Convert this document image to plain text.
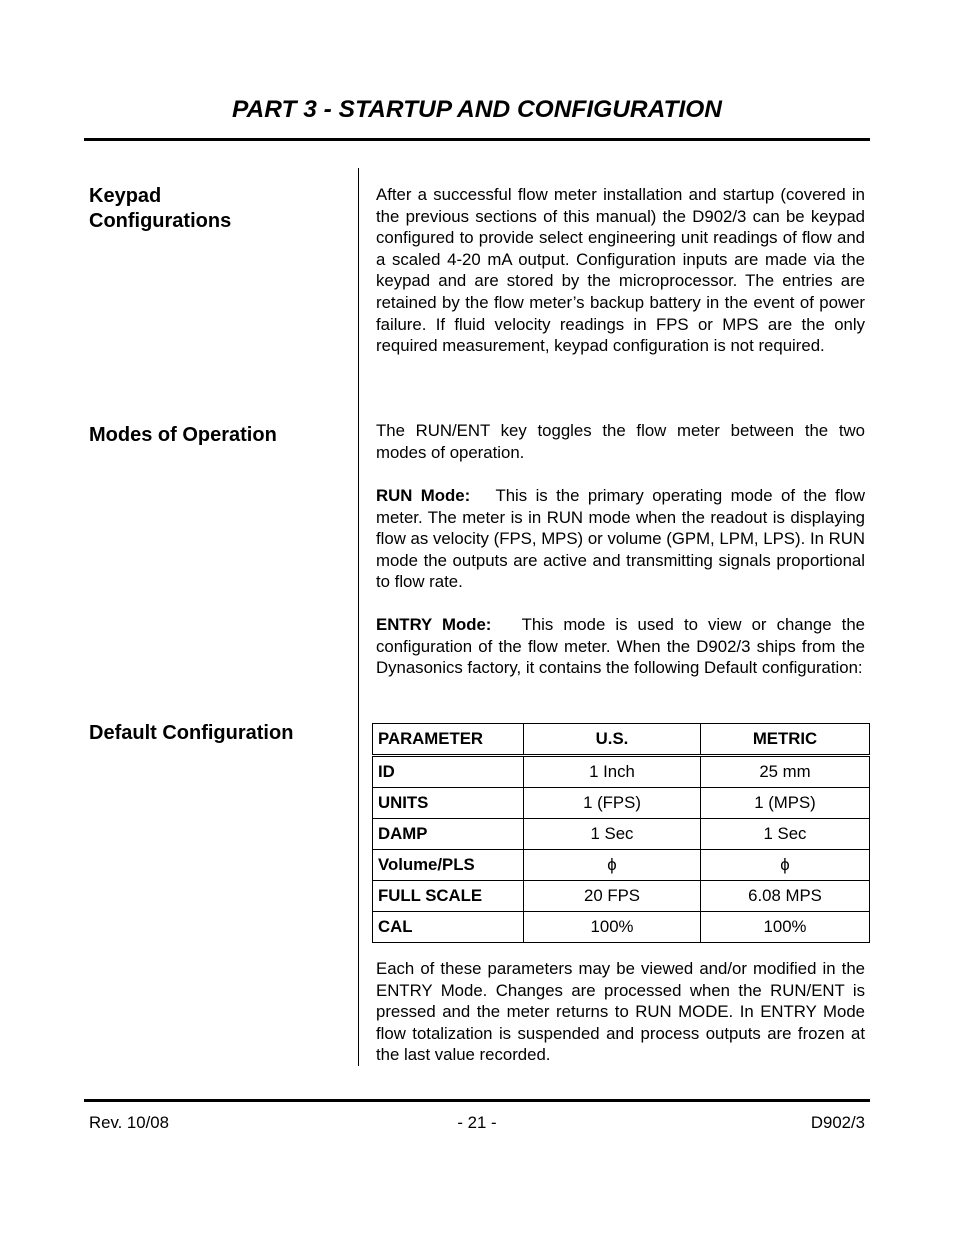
PART 3 - STARTUP AND CONFIGURATION
Keypad
Configurations
Modes of Operation
Default Configuration

After a successful flow meter installation and startup (covered in the previous sections of this manual) the D902/3 can be keypad configured to provide select engineering unit readings of flow and a scaled 4-20 mA output. Configuration inputs are made via the keypad and are stored by the microprocessor. The entries are retained by the flow meter’s backup battery in the event of power failure. If fluid velocity readings in FPS or MPS are the only required measurement, keypad configuration is not required.

The RUN/ENT key toggles the flow meter between the two modes of operation.

RUN Mode: This is the primary operating mode of the flow meter. The meter is in RUN mode when the readout is displaying flow as velocity (FPS, MPS) or volume (GPM, LPM, LPS). In RUN mode the outputs are active and transmitting signals proportional to flow rate.

ENTRY Mode: This mode is used to view or change the configuration of the flow meter. When the D902/3 ships from the Dynasonics factory, it contains the following Default configuration:

PARAMETER	U.S.	METRIC
ID	1 Inch	25 mm
UNITS	1 (FPS)	1 (MPS)
DAMP	1 Sec	1 Sec
Volume/PLS	ϕ	ϕ
FULL SCALE	20 FPS	6.08 MPS
CAL	100%	100%

Each of these parameters may be viewed and/or modified in the ENTRY Mode. Changes are processed when the RUN/ENT is pressed and the meter returns to RUN MODE. In ENTRY Mode flow totalization is suspended and process outputs are frozen at the last value recorded.

Rev. 10/08	- 21 -	D902/3
